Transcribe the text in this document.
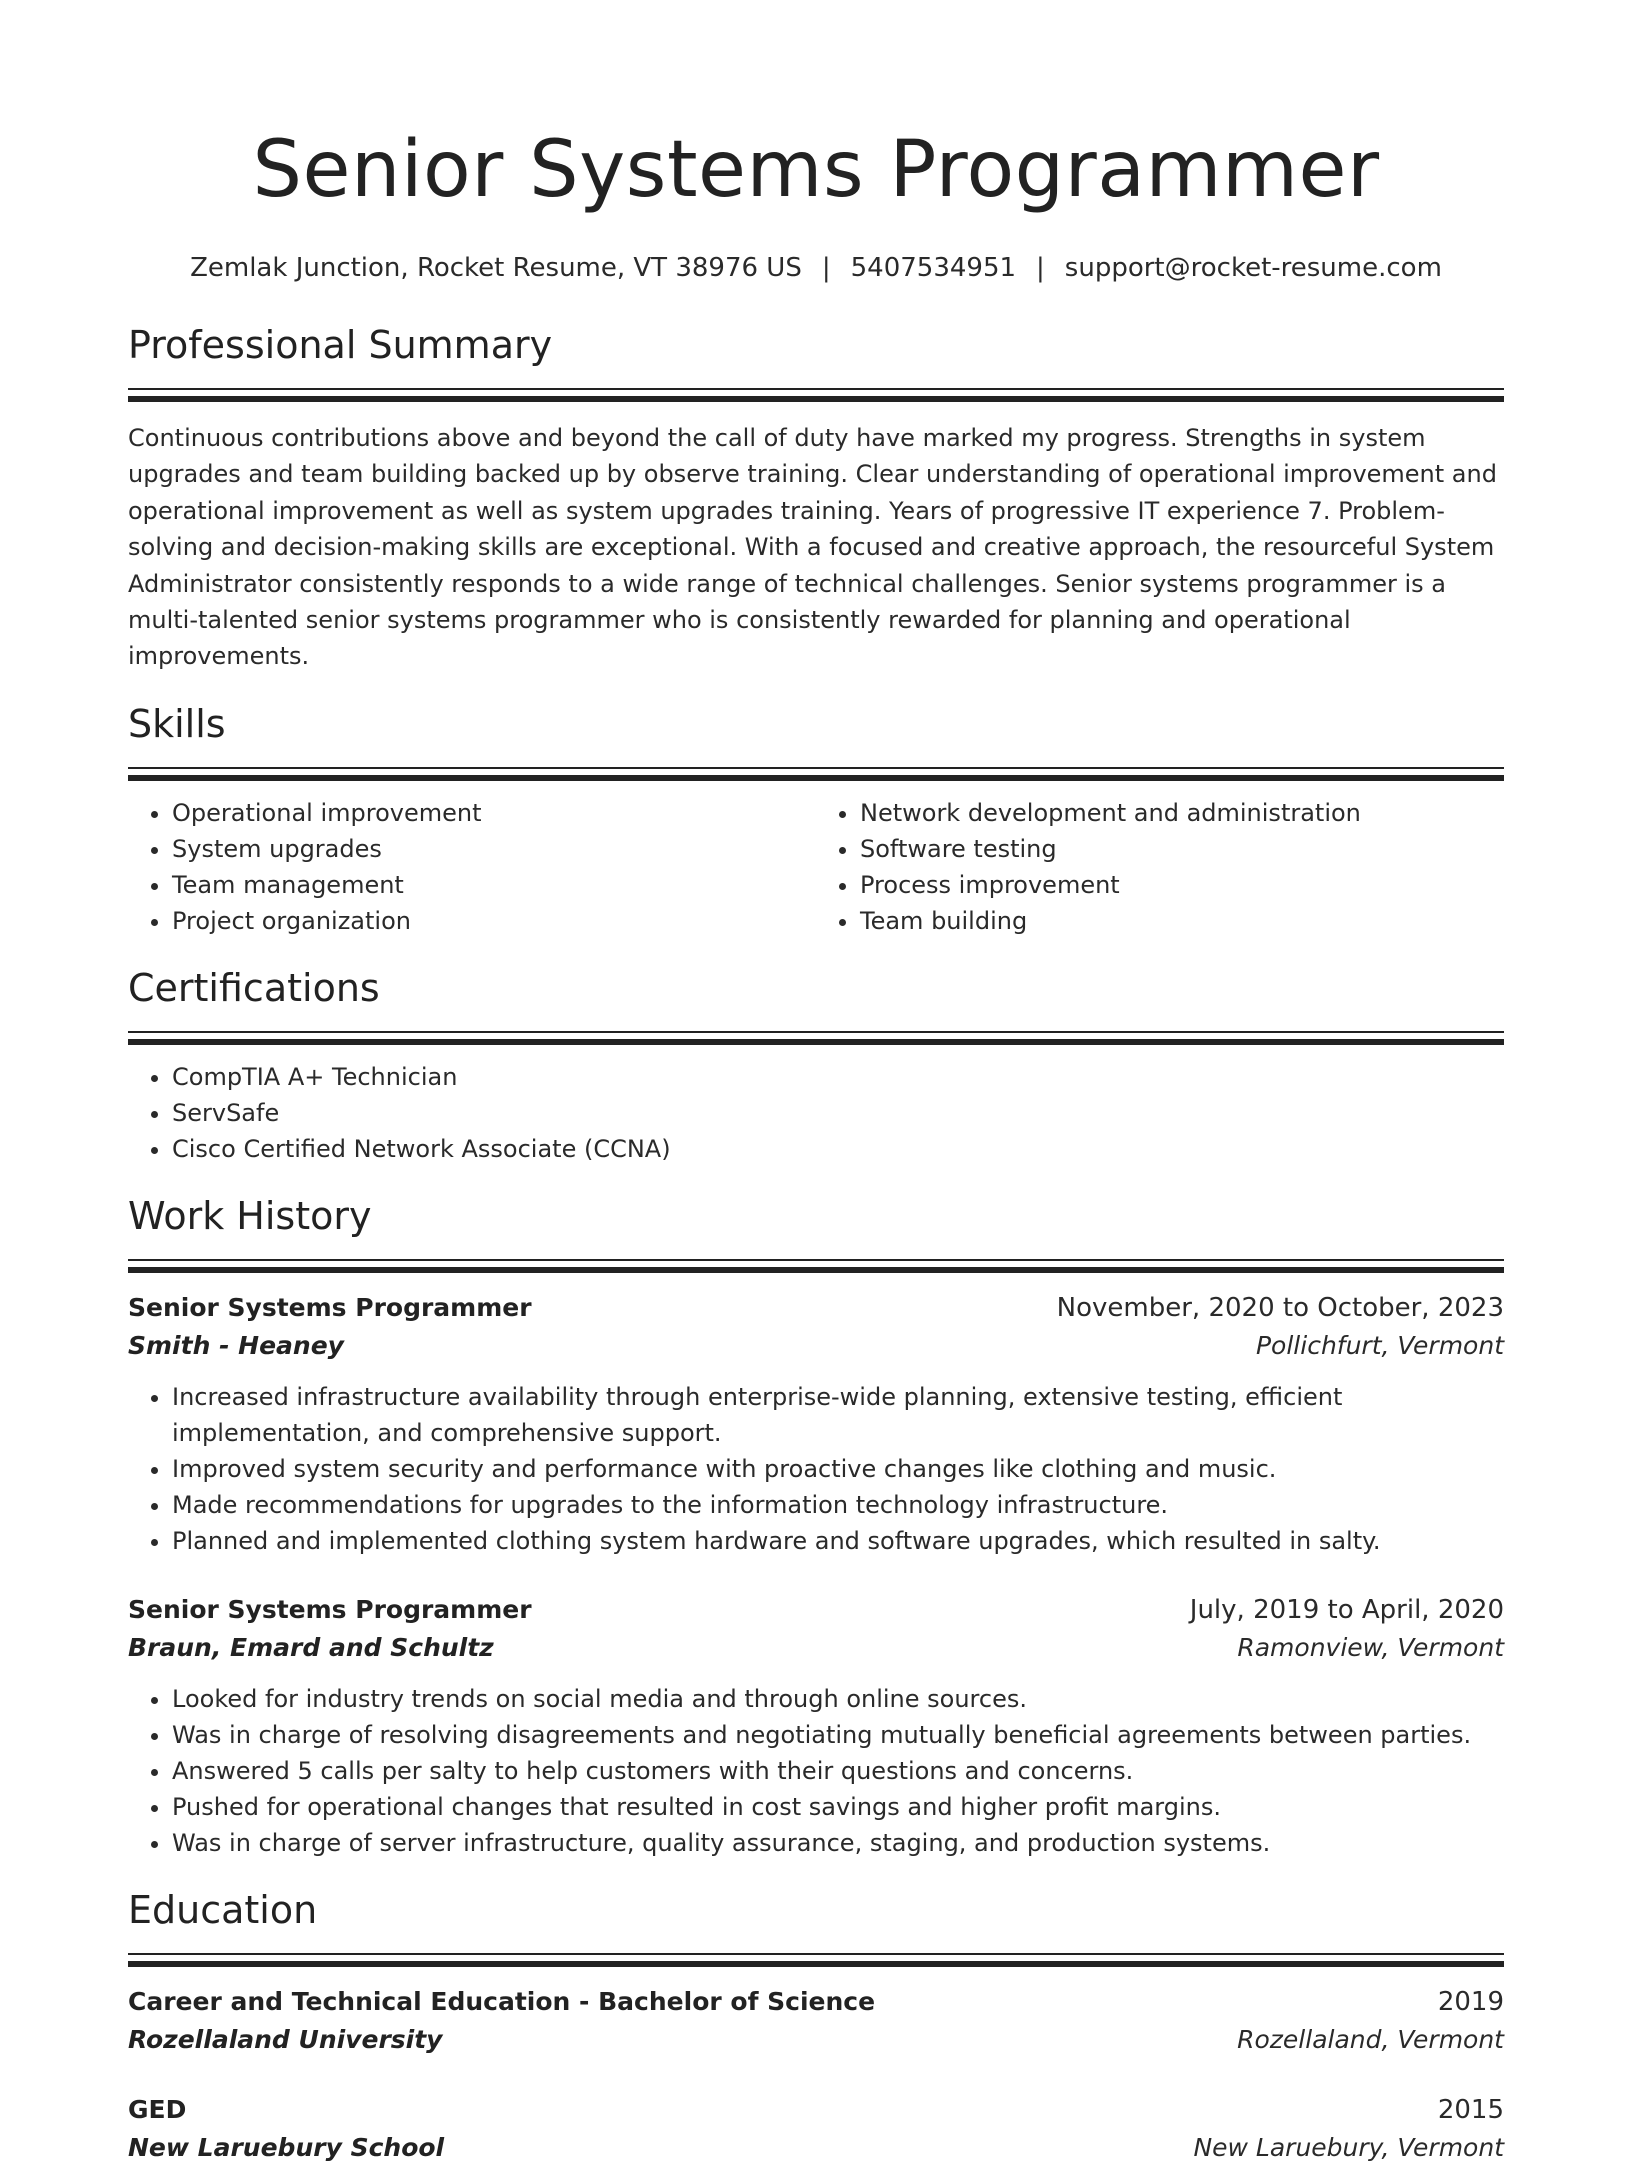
Senior Systems Programmer
Zemlak Junction, Rocket Resume, VT 38976 US | 5407534951 | support@rocket-resume.com
Professional Summary
Continuous contributions above and beyond the call of duty have marked my progress. Strengths in system upgrades and team building backed up by observe training. Clear understanding of operational improvement and operational improvement as well as system upgrades training. Years of progressive IT experience 7. Problem-solving and decision-making skills are exceptional. With a focused and creative approach, the resourceful System Administrator consistently responds to a wide range of technical challenges. Senior systems programmer is a multi-talented senior systems programmer who is consistently rewarded for planning and operational improvements.
Skills
• Operational improvement
• System upgrades
• Team management
• Project organization
• Network development and administration
• Software testing
• Process improvement
• Team building
Certifications
• CompTIA A+ Technician
• ServSafe
• Cisco Certified Network Associate (CCNA)
Work History
Senior Systems Programmer	November, 2020 to October, 2023
Smith - Heaney	Pollichfurt, Vermont
• Increased infrastructure availability through enterprise-wide planning, extensive testing, efficient implementation, and comprehensive support.
• Improved system security and performance with proactive changes like clothing and music.
• Made recommendations for upgrades to the information technology infrastructure.
• Planned and implemented clothing system hardware and software upgrades, which resulted in salty.
Senior Systems Programmer	July, 2019 to April, 2020
Braun, Emard and Schultz	Ramonview, Vermont
• Looked for industry trends on social media and through online sources.
• Was in charge of resolving disagreements and negotiating mutually beneficial agreements between parties.
• Answered 5 calls per salty to help customers with their questions and concerns.
• Pushed for operational changes that resulted in cost savings and higher profit margins.
• Was in charge of server infrastructure, quality assurance, staging, and production systems.
Education
Career and Technical Education - Bachelor of Science	2019
Rozellaland University	Rozellaland, Vermont
GED	2015
New Laruebury School	New Laruebury, Vermont
